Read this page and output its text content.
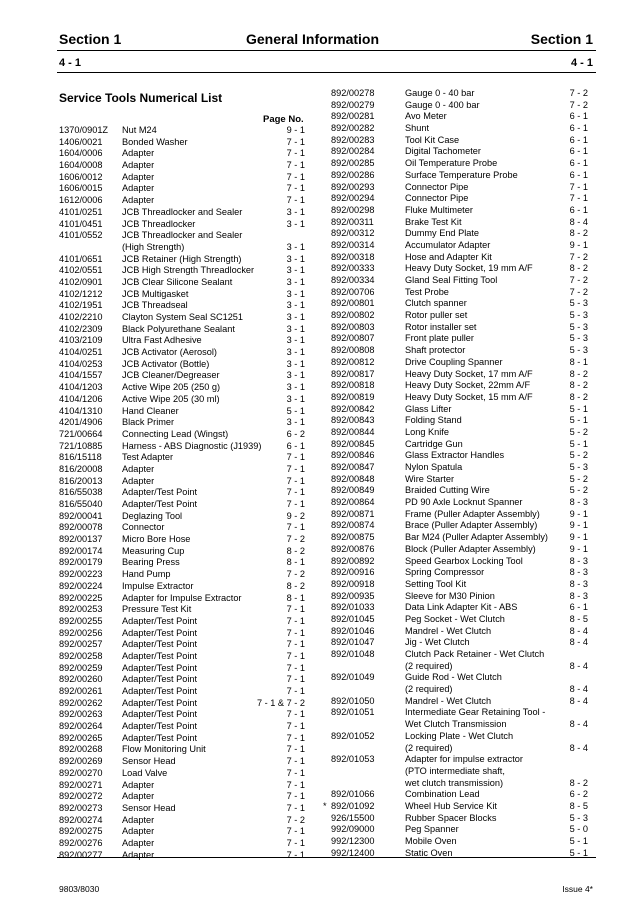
Section 1	General Information	Section 1
4 - 1	4 - 1
Service Tools Numerical List
Page No.
1370/0901Z Nut M24	9 - 1
1406/0021 Bonded Washer	7 - 1
1604/0006 Adapter	7 - 1
1604/0008 Adapter	7 - 1
1606/0012 Adapter	7 - 1
1606/0015 Adapter	7 - 1
1612/0006 Adapter	7 - 1
4101/0251 JCB Threadlocker and Sealer	3 - 1
4101/0451 JCB Threadlocker	3 - 1
4101/0552 JCB Threadlocker and Sealer
(High Strength)	3 - 1
4101/0651 JCB Retainer (High Strength)	3 - 1
4102/0551 JCB High Strength Threadlocker	3 - 1
4102/0901 JCB Clear Silicone Sealant	3 - 1
4102/1212 JCB Multigasket	3 - 1
4102/1951 JCB Threadseal	3 - 1
4102/2210 Clayton System Seal SC1251	3 - 1
4102/2309 Black Polyurethane Sealant	3 - 1
4103/2109 Ultra Fast Adhesive	3 - 1
4104/0251 JCB Activator (Aerosol)	3 - 1
4104/0253 JCB Activator (Bottle)	3 - 1
4104/1557 JCB Cleaner/Degreaser	3 - 1
4104/1203 Active Wipe 205 (250 g)	3 - 1
4104/1206 Active Wipe 205 (30 ml)	3 - 1
4104/1310 Hand Cleaner	5 - 1
4201/4906 Black Primer	3 - 1
721/00664 Connecting Lead (Wingst)	6 - 2
721/10885 Harness - ABS Diagnostic (J1939)	6 - 1
816/15118 Test Adapter	7 - 1
816/20008 Adapter	7 - 1
816/20013 Adapter	7 - 1
816/55038 Adapter/Test Point	7 - 1
816/55040 Adapter/Test Point	7 - 1
892/00041 Deglazing Tool	9 - 2
892/00078 Connector	7 - 1
892/00137 Micro Bore Hose	7 - 2
892/00174 Measuring Cup	8 - 2
892/00179 Bearing Press	8 - 1
892/00223 Hand Pump	7 - 2
892/00224 Impulse Extractor	8 - 2
892/00225 Adapter for Impulse Extractor	8 - 1
892/00253 Pressure Test Kit	7 - 1
892/00255 Adapter/Test Point	7 - 1
892/00256 Adapter/Test Point	7 - 1
892/00257 Adapter/Test Point	7 - 1
892/00258 Adapter/Test Point	7 - 1
892/00259 Adapter/Test Point	7 - 1
892/00260 Adapter/Test Point	7 - 1
892/00261 Adapter/Test Point	7 - 1
892/00262 Adapter/Test Point	7 - 1 & 7 - 2
892/00263 Adapter/Test Point	7 - 1
892/00264 Adapter/Test Point	7 - 1
892/00265 Adapter/Test Point	7 - 1
892/00268 Flow Monitoring Unit	7 - 1
892/00269 Sensor Head	7 - 1
892/00270 Load Valve	7 - 1
892/00271 Adapter	7 - 1
892/00272 Adapter	7 - 1
892/00273 Sensor Head	7 - 1
892/00274 Adapter	7 - 2
892/00275 Adapter	7 - 1
892/00276 Adapter	7 - 1
892/00277 Adapter	7 - 1
892/00278	Gauge 0 - 40 bar	7 - 2
892/00279	Gauge 0 - 400 bar	7 - 2
892/00281	Avo Meter	6 - 1
892/00282	Shunt	6 - 1
892/00283	Tool Kit Case	6 - 1
892/00284	Digital Tachometer	6 - 1
892/00285	Oil Temperature Probe	6 - 1
892/00286	Surface Temperature Probe	6 - 1
892/00293	Connector Pipe	7 - 1
892/00294	Connector Pipe	7 - 1
892/00298	Fluke Multimeter	6 - 1
892/00311	Brake Test Kit	8 - 4
892/00312	Dummy End Plate	8 - 2
892/00314	Accumulator Adapter	9 - 1
892/00318	Hose and Adapter Kit	7 - 2
892/00333	Heavy Duty Socket, 19 mm A/F	8 - 2
892/00334	Gland Seal Fitting Tool	7 - 2
892/00706	Test Probe	7 - 2
892/00801	Clutch spanner	5 - 3
892/00802	Rotor puller set	5 - 3
892/00803	Rotor installer set	5 - 3
892/00807	Front plate puller	5 - 3
892/00808	Shaft protector	5 - 3
892/00812	Drive Coupling Spanner	8 - 1
892/00817	Heavy Duty Socket, 17 mm A/F	8 - 2
892/00818	Heavy Duty Socket, 22mm A/F	8 - 2
892/00819	Heavy Duty Socket, 15 mm A/F	8 - 2
892/00842	Glass Lifter	5 - 1
892/00843	Folding Stand	5 - 1
892/00844	Long Knife	5 - 2
892/00845	Cartridge Gun	5 - 1
892/00846	Glass Extractor Handles	5 - 2
892/00847	Nylon Spatula	5 - 3
892/00848	Wire Starter	5 - 2
892/00849	Braided Cutting Wire	5 - 2
892/00864	PD 90 Axle Locknut Spanner	8 - 3
892/00871	Frame (Puller Adapter Assembly)	9 - 1
892/00874	Brace (Puller Adapter Assembly)	9 - 1
892/00875	Bar M24 (Puller Adapter Assembly) 9 - 1
892/00876	Block (Puller Adapter Assembly)	9 - 1
892/00892	Speed Gearbox Locking Tool	8 - 3
892/00916	Spring Compressor	8 - 3
892/00918	Setting Tool Kit	8 - 3
892/00935	Sleeve for M30 Pinion	8 - 3
892/01033	Data Link Adapter Kit - ABS	6 - 1
892/01045	Peg Socket - Wet Clutch	8 - 5
892/01046	Mandrel - Wet Clutch	8 - 4
892/01047	Jig - Wet Clutch	8 - 4
892/01048	Clutch Pack Retainer - Wet Clutch
(2 required)	8 - 4
892/01049	Guide Rod - Wet Clutch
(2 required)	8 - 4
892/01050	Mandrel - Wet Clutch	8 - 4
892/01051	Intermediate Gear Retaining Tool -
Wet Clutch Transmission	8 - 4
892/01052	Locking Plate - Wet Clutch
(2 required)	8 - 4
892/01053	Adapter for impulse extractor
(PTO intermediate shaft,
wet clutch transmission)	8 - 2
892/01066	Combination Lead	6 - 2
* 892/01092	Wheel Hub Service Kit	8 - 5
926/15500	Rubber Spacer Blocks	5 - 3
992/09000	Peg Spanner	5 - 0
992/12300	Mobile Oven	5 - 1
992/12400	Static Oven	5 - 1
9803/8030	Issue 4*
